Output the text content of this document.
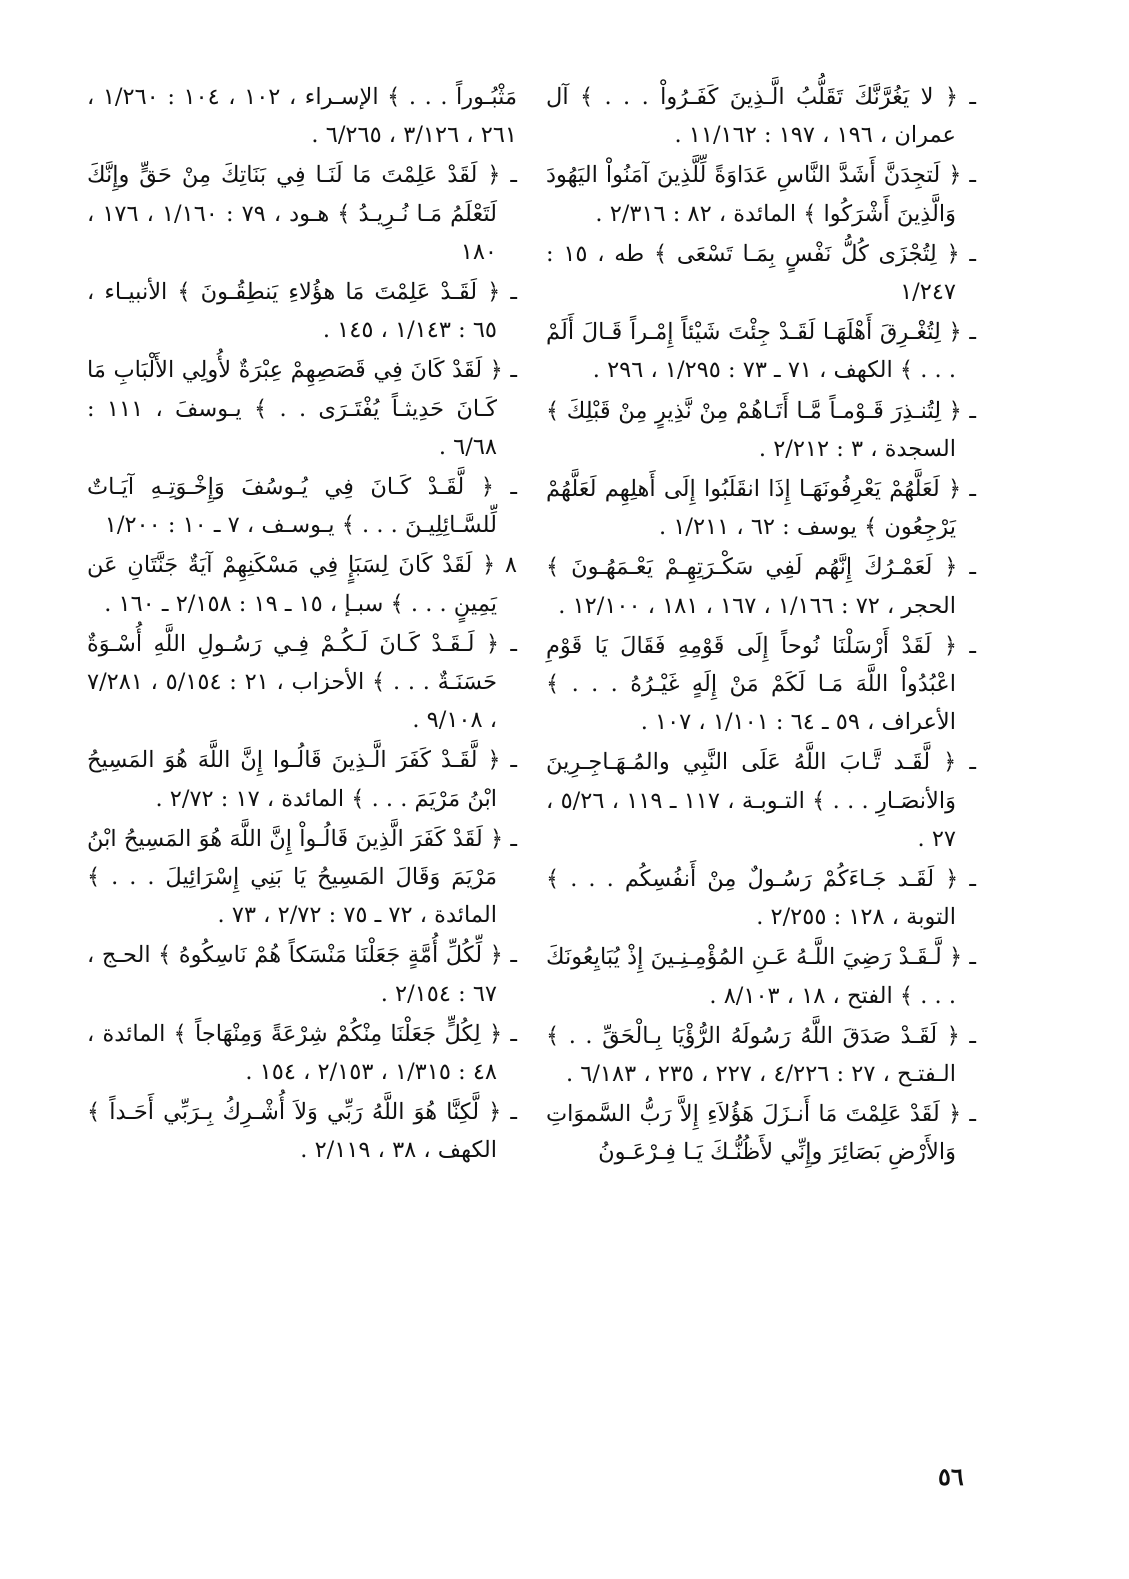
ـ ﴿ لا يَغُرَّنَّكَ تَقَلُّبُ الَّـذِينَ كَفَـرُواْ . . . ﴾ آل عمران ، ١٩٦ ، ١٩٧ : ١١/١٦٢ .

ـ ﴿ لَتجِدَنَّ أَشَدَّ النَّاسِ عَدَاوَةً لِّلَّذِينَ آمَنُواْ اليَهُودَ وَالَّذِينَ أَشْرَكُوا ﴾ المائدة ، ٨٢ : ٢/٣١٦ .

ـ ﴿ لِتُجْزَى كُلُّ نَفْسٍ بِمَـا تَسْعَى ﴾ طه ، ١٥ : ١/٢٤٧

ـ ﴿ لِتُغْـرِقَ أَهْلَهَـا لَقَـدْ جِئْتَ شَيْئاً إِمْـراً قَـالَ أَلَمْ . . . ﴾ الكهف ، ٧١ ـ ٧٣ : ١/٢٩٥ ، ٢٩٦ .

ـ ﴿ لِتُنـذِرَ قَـوْمـاً مَّـا أَتَـاهُمْ مِنْ نَّذِيرٍ مِنْ قَبْلِكَ ﴾ السجدة ، ٣ : ٢/٢١٢ .

ـ ﴿ لَعَلَّهُمْ يَعْرِفُونَهَـا إِذَا انقَلَبُوا إِلَى أَهلِهِم لَعَلَّهُمْ يَرْجِعُون ﴾ يوسف : ٦٢ ، ١/٢١١ .

ـ ﴿ لَعَمْـرُكَ إِنَّهُم لَفِي سَكْـرَتِهِـمْ يَعْـمَهُـونَ ﴾ الحجر ، ٧٢ : ١/١٦٦ ، ١٦٧ ، ١٨١ ، ١٢/١٠٠ .

ـ ﴿ لَقَدْ أَرْسَلْنَا نُوحاً إِلَى قَوْمِهِ فَقَالَ يَا قَوْمِ اعْبُدُواْ اللَّهَ مَـا لَكَمْ مَنْ إِلَهٍ غَيْـرُهُ . . . ﴾ الأعراف ، ٥٩ ـ ٦٤ : ١/١٠١ ، ١٠٧ .

ـ ﴿ لَّقَـد تَّـابَ اللَّهُ عَلَى النَّبِي والمُـهَـاجِـرِينَ وَالأنصَـارِ . . . ﴾ التـوبـة ، ١١٧ ـ ١١٩ ، ٥/٢٦ ، ٢٧ .

ـ ﴿ لَقَـد جَـاءَكُمْ رَسُـولٌ مِنْ أَنفُسِكُم . . . ﴾ التوبة ، ١٢٨ : ٢/٢٥٥ .

ـ ﴿ لَّـقَـدْ رَضِيَ اللَّـهُ عَـنِ المُؤْمِـنِـينَ إِذْ يُبَايِعُونَكَ . . . ﴾ الفتح ، ١٨ ، ٨/١٠٣ .

ـ ﴿ لَقَـدْ صَدَقَ اللَّهُ رَسُولَهُ الرُّؤْيَا بِـالْحَقِّ . . ﴾ الـفتـح ، ٢٧ : ٤/٢٢٦ ، ٢٢٧ ، ٢٣٥ ، ٦/١٨٣ .

ـ ﴿ لَقَدْ عَلِمْتَ مَا أَنـزَلَ هَؤُلاَءِ إِلاَّ رَبُّ السَّموَاتِ وَالأَرْضِ بَصَائِرَ وإِنِّي لأَظُنُّـكَ يَـا فِـرْعَـونُ

مَثْبُـوراً . . . ﴾ الإسـراء ، ١٠٢ ، ١٠٤ : ١/٢٦٠ ، ٢٦١ ، ٣/١٢٦ ، ٦/٢٦٥ .

ـ ﴿ لَقَدْ عَلِمْتَ مَا لَنَـا فِي بَنَاتِكَ مِنْ حَقٍّ وإِنَّكَ لَتَعْلَمُ مَـا نُـرِيـدُ ﴾ هـود ، ٧٩ : ١/١٦٠ ، ١٧٦ ، ١٨٠

ـ ﴿ لَقَـدْ عَلِمْتَ مَا هؤُلاءِ يَنطِقُـونَ ﴾ الأنبيـاء ، ٦٥ : ١/١٤٣ ، ١٤٥ .

ـ ﴿ لَقَدْ كَانَ فِي قَصَصِهِمْ عِبْرَةٌ لأُولِي الأَلْبَابِ مَا كَـانَ حَدِيثـاً يُفْتَـرَى . . ﴾ يـوسفَ ، ١١١ : ٦/٦٨ .

ـ ﴿ لَّقَـدْ كَـانَ فِي يُـوسُفَ وَإِخْـوَتِـهِ آيَـاتٌ لِّلسَّـائِلِيـنَ . . . ﴾ يـوسـف ، ٧ ـ ١٠ : ١/٢٠٠

٨ ﴿ لَقَدْ كَانَ لِسَبَإٍ فِي مَسْكَنِهِمْ آيَةٌ جَنَّتَانِ عَن يَمِينٍ . . . ﴾ سبـإ ، ١٥ ـ ١٩ : ٢/١٥٨ ـ ١٦٠ .

ـ ﴿ لَـقَـدْ كَـانَ لَـكُـمْ فِـي رَسُـولِ اللَّهِ أُسْـوَةٌ حَسَنَـةٌ . . . ﴾ الأحزاب ، ٢١ : ٥/١٥٤ ، ٧/٢٨١ ، ٩/١٠٨ .

ـ ﴿ لَّقَـدْ كَفَرَ الَّـذِينَ قَالُـوا إِنَّ اللَّهَ هُوَ المَسِيحُ ابْنُ مَرْيَمَ . . . ﴾ المائدة ، ١٧ : ٢/٧٢ .

ـ ﴿ لَقَدْ كَفَرَ الَّذِينَ قَالُـواْ إِنَّ اللَّهَ هُوَ المَسِيحُ ابْنُ مَرْيَمَ وَقَالَ المَسِيحُ يَا بَنِي إِسْرَائِيلَ . . . ﴾ المائدة ، ٧٢ ـ ٧٥ : ٢/٧٢ ، ٧٣ .

ـ ﴿ لِّكُلِّ أُمَّةٍ جَعَلْنَا مَنْسَكاً هُمْ نَاسِكُوهُ ﴾ الحـج ، ٦٧ : ٢/١٥٤ .

ـ ﴿ لِكُلٍّ جَعَلْنَا مِنْكُمْ شِرْعَةً وَمِنْهَاجاً ﴾ المائدة ، ٤٨ : ١/٣١٥ ، ٢/١٥٣ ، ١٥٤ .

ـ ﴿ لَّكِنَّا هُوَ اللَّهُ رَبِّي وَلاَ أُشْـرِكُ بِـرَبِّي أَحَـداً ﴾ الكهف ، ٣٨ ، ٢/١١٩ .

٥٦
